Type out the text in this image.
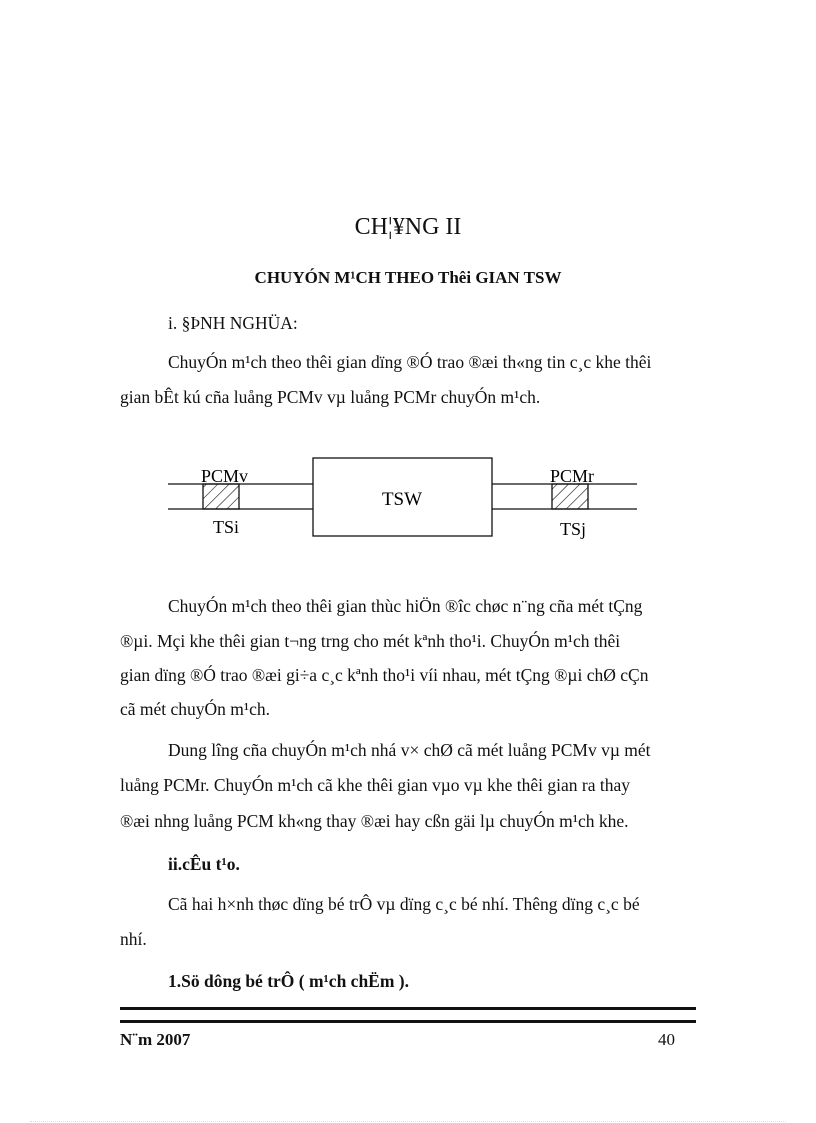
CH¦¥NG II
CHUYÓN M¹CH THEO Thêi GIAN TSW
i. §ÞNH NGHÜA:
ChuyÓn m¹ch theo thêi gian dïng ®Ó trao ®æi th«ng tin c¸c khe thêi
gian bÊt kú cña luång PCMv vµ luång PCMr chuyÓn m¹ch.
PCMv
TSi
TSW
PCMr
TSj
ChuyÓn m¹ch theo thêi gian thùc hiÖn ®îc chøc n¨ng cña mét tÇng
®µi. Mçi khe thêi gian t¬ng trng cho mét kªnh tho¹i. ChuyÓn m¹ch thêi
gian dïng ®Ó trao ®æi gi÷a c¸c kªnh tho¹i víi nhau, mét tÇng ®µi chØ cÇn
cã mét chuyÓn m¹ch.
Dung lîng cña chuyÓn m¹ch nhá v× chØ cã mét luång PCMv vµ mét
luång PCMr. ChuyÓn m¹ch cã khe thêi gian vµo vµ khe thêi gian ra thay
®æi nhng luång PCM kh«ng thay ®æi hay cßn gäi lµ chuyÓn m¹ch khe.
ii.cÊu t¹o.
Cã hai h×nh thøc dïng bé trÔ vµ dïng c¸c bé nhí. Thêng dïng c¸c bé
nhí.
1.Sö dông bé trÔ ( m¹ch chËm ).
N¨m 2007	40
